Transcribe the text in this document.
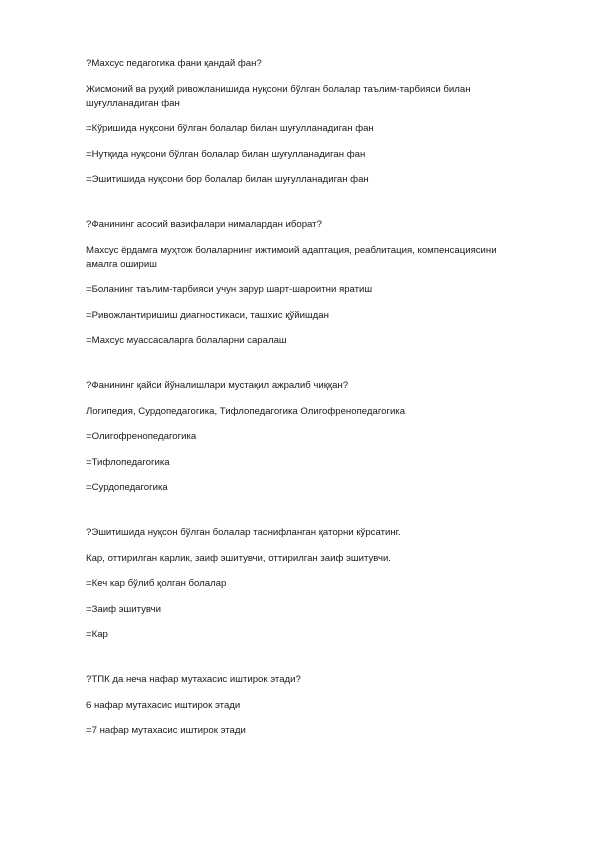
?Махсус педагогика фани қандай фан?

Жисмоний ва руҳий ривожланишида нуқсони бўлган болалар таълим-тарбияси билан шуғулланадиган фан

=Кўришида нуқсони бўлган болалар билан шуғулланадиган фан

=Нутқида нуқсони бўлган болалар билан шуғулланадиган фан

=Эшитишида нуқсони бор болалар билан шуғулланадиган фан

?Фанининг асосий вазифалари нималардан иборат?

Махсус ёрдамга муҳтож болаларнинг ижтимоий адаптация, реаблитация, компенсациясини амалга ошириш

=Боланинг таълим-тарбияси учун зарур шарт-шароитни яратиш

=Ривожлантиришиш диагностикаси, ташхис қўйишдан

=Махсус муассасаларга болаларни саралаш

?Фанининг қайси йўналишлари мустақил ажралиб чиққан?

Логипедия, Сурдопедагогика, Тифлопедагогика Олигофренопедагогика

=Олигофренопедагогика

=Тифлопедагогика

=Сурдопедагогика

?Эшитишида нуқсон бўлган болалар таснифланган қаторни кўрсатинг.

Кар, оттирилган карлик, заиф эшитувчи, оттирилган заиф эшитувчи.

=Кеч кар бўлиб қолган болалар

=Заиф эшитувчи

=Кар

?ТПК да неча нафар мутахасис иштирок этади?

6 нафар мутахасис иштирок этади

=7 нафар мутахасис иштирок этади
